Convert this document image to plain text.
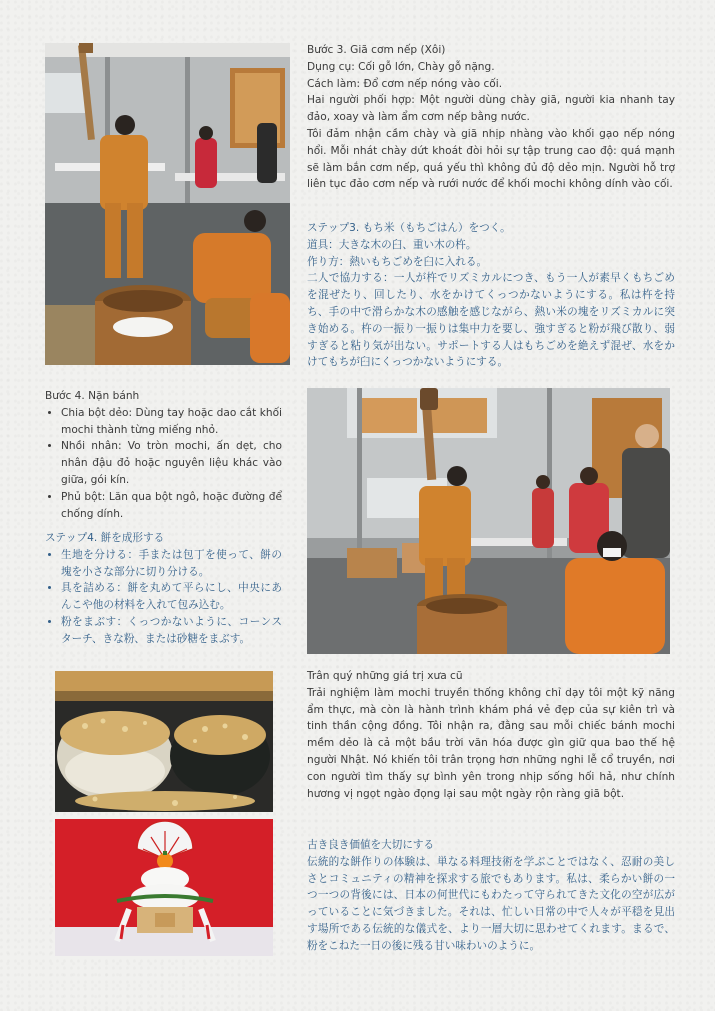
Bước 3. Giã cơm nếp (Xôi)

Dụng cụ: Cối gỗ lớn, Chày gỗ nặng.

Cách làm: Đổ cơm nếp nóng vào cối.

Hai người phối hợp: Một người dùng chày giã, người kia nhanh tay đảo, xoay và làm ẩm cơm nếp bằng nước.

Tôi đảm nhận cầm chày và giã nhịp nhàng vào khối gạo nếp nóng hổi. Mỗi nhát chày dứt khoát đòi hỏi sự tập trung cao độ: quá mạnh sẽ làm bắn cơm nếp, quá yếu thì không đủ độ dẻo mịn. Người hỗ trợ liên tục đảo cơm nếp và rưới nước để khối mochi không dính vào cối.

ステップ3. もち米（もちごはん）をつく。

道具：大きな木の臼、重い木の杵。

作り方：熱いもちごめを臼に入れる。

二人で協力する：一人が杵でリズミカルにつき、もう一人が素早くもちごめを混ぜたり、回したり、水をかけてくっつかないようにする。私は杵を持ち、手の中で滑らかな木の感触を感じながら、熱い米の塊をリズミカルに突き始める。杵の一振り一振りは集中力を要し、強すぎると粉が飛び散り、弱すぎると粘り気が出ない。サポートする人はもちごめを絶えず混ぜ、水をかけてもちが臼にくっつかないようにする。

Bước 4. Nặn bánh

• Chia bột dẻo: Dùng tay hoặc dao cắt khối mochi thành từng miếng nhỏ.
• Nhồi nhân: Vo tròn mochi, ấn dẹt, cho nhân đậu đỏ hoặc nguyên liệu khác vào giữa, gói kín.
• Phủ bột: Lăn qua bột ngô, hoặc đường để chống dính.

ステップ4. 餅を成形する

• 生地を分ける：手または包丁を使って、餅の塊を小さな部分に切り分ける。
• 具を詰める：餅を丸めて平らにし、中央にあんこや他の材料を入れて包み込む。
• 粉をまぶす：くっつかないように、コーンスターチ、きな粉、または砂糖をまぶす。

Trân quý những giá trị xưa cũ

Trải nghiệm làm mochi truyền thống không chỉ dạy tôi một kỹ năng ẩm thực, mà còn là hành trình khám phá vẻ đẹp của sự kiên trì và tinh thần cộng đồng. Tôi nhận ra, đằng sau mỗi chiếc bánh mochi mềm dẻo là cả một bầu trời văn hóa được gìn giữ qua bao thế hệ người Nhật. Nó khiến tôi trân trọng hơn những nghi lễ cổ truyền, nơi con người tìm thấy sự bình yên trong nhịp sống hối hả, như chính hương vị ngọt ngào đọng lại sau một ngày rộn ràng giã bột.

古き良き価値を大切にする

伝統的な餅作りの体験は、単なる料理技術を学ぶことではなく、忍耐の美しさとコミュニティの精神を探求する旅でもあります。私は、柔らかい餅の一つ一つの背後には、日本の何世代にもわたって守られてきた文化の空が広がっていることに気づきました。それは、忙しい日常の中で人々が平穏を見出す場所である伝統的な儀式を、より一層大切に思わせてくれます。まるで、粉をこねた一日の後に残る甘い味わいのように。
